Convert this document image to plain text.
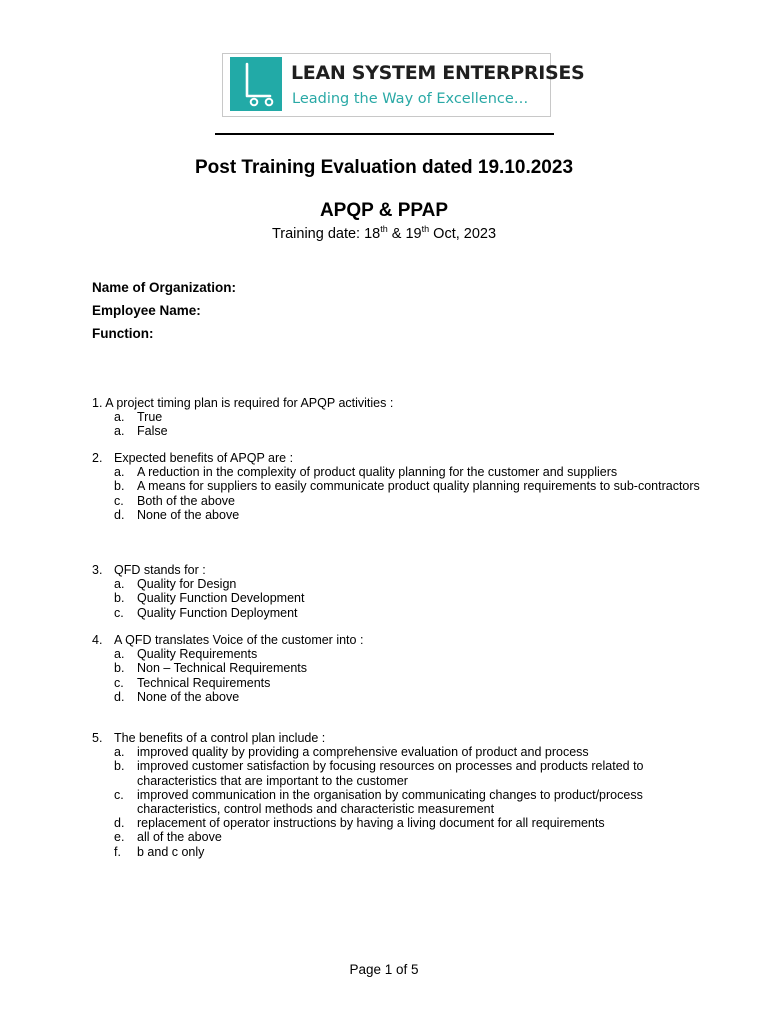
LEAN SYSTEM ENTERPRISES
Leading the Way of Excellence…
Post Training Evaluation dated 19.10.2023
APQP & PPAP
Training date: 18th & 19th Oct, 2023
Name of Organization:
Employee Name:
Function:
1. A project timing plan is required for APQP activities :
a. True
a. False
2. Expected benefits of APQP are :
a. A reduction in the complexity of product quality planning for the customer and suppliers
b. A means for suppliers to easily communicate product quality planning requirements to sub-contractors
c. Both of the above
d. None of the above
3. QFD stands for :
a. Quality for Design
b. Quality Function Development
c. Quality Function Deployment
4. A QFD translates Voice of the customer into :
a. Quality Requirements
b. Non – Technical Requirements
c. Technical Requirements
d. None of the above
5. The benefits of a control plan include :
a. improved quality by providing a comprehensive evaluation of product and process
b. improved customer satisfaction by focusing resources on processes and products related to characteristics that are important to the customer
c. improved communication in the organisation by communicating changes to product/process characteristics, control methods and characteristic measurement
d. replacement of operator instructions by having a living document for all requirements
e. all of the above
f. b and c only
Page 1 of 5
